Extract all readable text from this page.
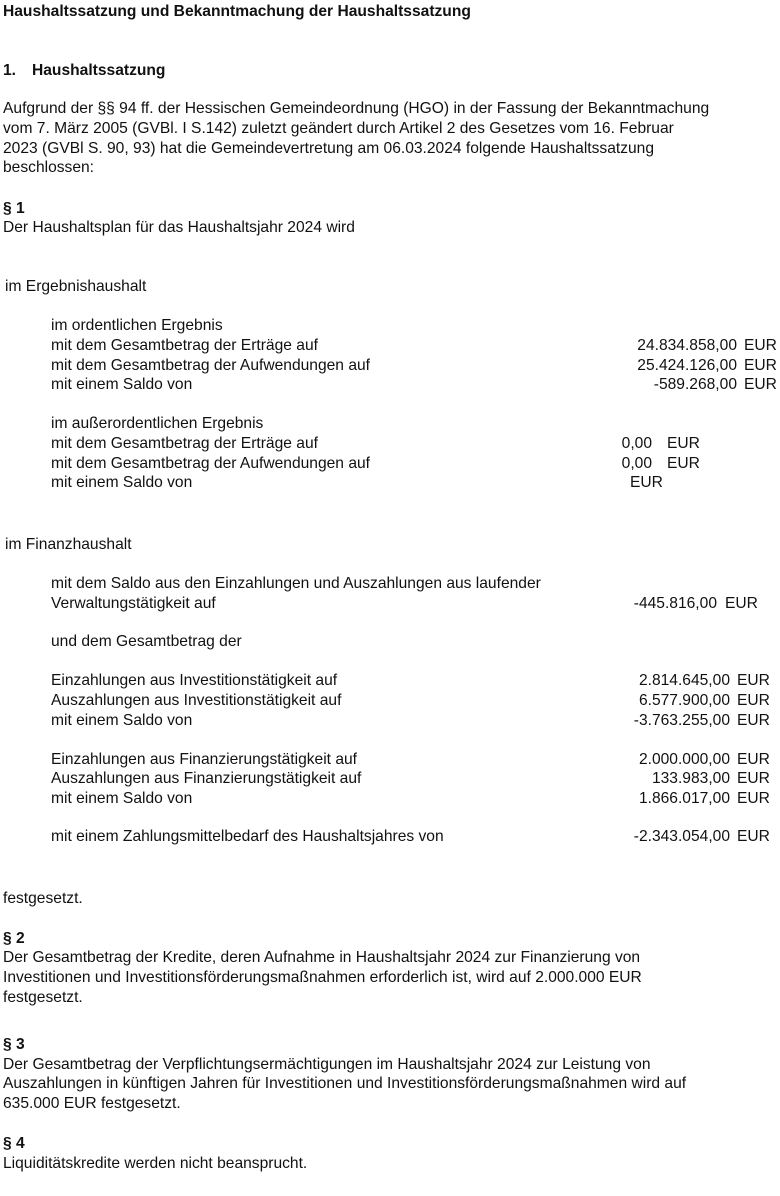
Haushaltssatzung und Bekanntmachung der Haushaltssatzung
1. Haushaltssatzung
Aufgrund der §§ 94 ff. der Hessischen Gemeindeordnung (HGO) in der Fassung der Bekanntmachung
vom 7. März 2005 (GVBl. I S.142) zuletzt geändert durch Artikel 2 des Gesetzes vom 16. Februar
2023 (GVBl S. 90, 93) hat die Gemeindevertretung am 06.03.2024 folgende Haushaltssatzung
beschlossen:
§ 1
Der Haushaltsplan für das Haushaltsjahr 2024 wird
im Ergebnishaushalt
im ordentlichen Ergebnis
mit dem Gesamtbetrag der Erträge auf	24.834.858,00 EUR
mit dem Gesamtbetrag der Aufwendungen auf	25.424.126,00 EUR
mit einem Saldo von	-589.268,00 EUR
im außerordentlichen Ergebnis
mit dem Gesamtbetrag der Erträge auf	0,00 EUR
mit dem Gesamtbetrag der Aufwendungen auf	0,00 EUR
mit einem Saldo von	EUR
im Finanzhaushalt
mit dem Saldo aus den Einzahlungen und Auszahlungen aus laufender
Verwaltungstätigkeit auf	-445.816,00 EUR
und dem Gesamtbetrag der
Einzahlungen aus Investitionstätigkeit auf	2.814.645,00 EUR
Auszahlungen aus Investitionstätigkeit auf	6.577.900,00 EUR
mit einem Saldo von	-3.763.255,00 EUR
Einzahlungen aus Finanzierungstätigkeit auf	2.000.000,00 EUR
Auszahlungen aus Finanzierungstätigkeit auf	133.983,00 EUR
mit einem Saldo von	1.866.017,00 EUR
mit einem Zahlungsmittelbedarf des Haushaltsjahres von	-2.343.054,00 EUR
festgesetzt.
§ 2
Der Gesamtbetrag der Kredite, deren Aufnahme in Haushaltsjahr 2024 zur Finanzierung von
Investitionen und Investitionsförderungsmaßnahmen erforderlich ist, wird auf 2.000.000 EUR
festgesetzt.
§ 3
Der Gesamtbetrag der Verpflichtungsermächtigungen im Haushaltsjahr 2024 zur Leistung von
Auszahlungen in künftigen Jahren für Investitionen und Investitionsförderungsmaßnahmen wird auf
635.000 EUR festgesetzt.
§ 4
Liquiditätskredite werden nicht beansprucht.
